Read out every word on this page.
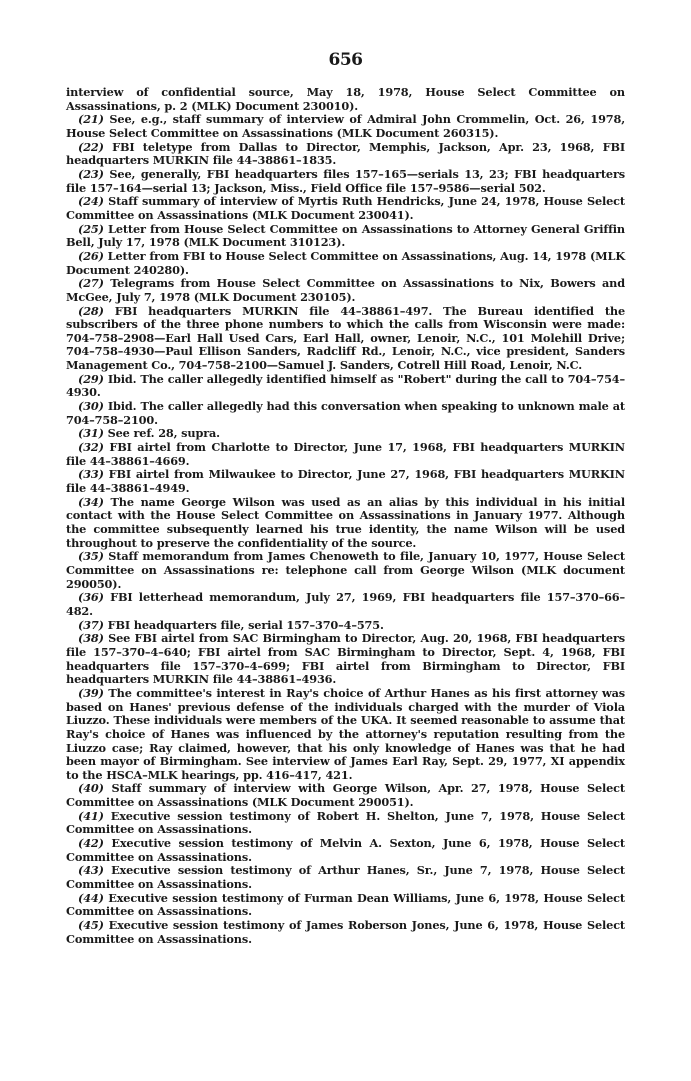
656

interview of confidential source, May 18, 1978, House Select Committee on Assassinations, p. 2 (MLK) Document 230010).

(21) See, e.g., staff summary of interview of Admiral John Crommelin, Oct. 26, 1978, House Select Committee on Assassinations (MLK Document 260315).

(22) FBI teletype from Dallas to Director, Memphis, Jackson, Apr. 23, 1968, FBI headquarters MURKIN file 44–38861–1835.

(23) See, generally, FBI headquarters files 157–165—serials 13, 23; FBI headquarters file 157–164—serial 13; Jackson, Miss., Field Office file 157–9586—serial 502.

(24) Staff summary of interview of Myrtis Ruth Hendricks, June 24, 1978, House Select Committee on Assassinations (MLK Document 230041).

(25) Letter from House Select Committee on Assassinations to Attorney General Griffin Bell, July 17, 1978 (MLK Document 310123).

(26) Letter from FBI to House Select Committee on Assassinations, Aug. 14, 1978 (MLK Document 240280).

(27) Telegrams from House Select Committee on Assassinations to Nix, Bowers and McGee, July 7, 1978 (MLK Document 230105).

(28) FBI headquarters MURKIN file 44–38861–497. The Bureau identified the subscribers of the three phone numbers to which the calls from Wisconsin were made: 704–758–2908—Earl Hall Used Cars, Earl Hall, owner, Lenoir, N.C., 101 Molehill Drive; 704–758–4930—Paul Ellison Sanders, Radcliff Rd., Lenoir, N.C., vice president, Sanders Management Co., 704–758–2100—Samuel J. Sanders, Cotrell Hill Road, Lenoir, N.C.

(29) Ibid. The caller allegedly identified himself as "Robert" during the call to 704–754–4930.

(30) Ibid. The caller allegedly had this conversation when speaking to unknown male at 704–758–2100.

(31) See ref. 28, supra.

(32) FBI airtel from Charlotte to Director, June 17, 1968, FBI headquarters MURKIN file 44–38861–4669.

(33) FBI airtel from Milwaukee to Director, June 27, 1968, FBI headquarters MURKIN file 44–38861–4949.

(34) The name George Wilson was used as an alias by this individual in his initial contact with the House Select Committee on Assassinations in January 1977. Although the committee subsequently learned his true identity, the name Wilson will be used throughout to preserve the confidentiality of the source.

(35) Staff memorandum from James Chenoweth to file, January 10, 1977, House Select Committee on Assassinations re: telephone call from George Wilson (MLK document 290050).

(36) FBI letterhead memorandum, July 27, 1969, FBI headquarters file 157–370–66–482.

(37) FBI headquarters file, serial 157–370–4–575.

(38) See FBI airtel from SAC Birmingham to Director, Aug. 20, 1968, FBI headquarters file 157–370–4–640; FBI airtel from SAC Birmingham to Director, Sept. 4, 1968, FBI headquarters file 157–370–4–699; FBI airtel from Birmingham to Director, FBI headquarters MURKIN file 44–38861–4936.

(39) The committee's interest in Ray's choice of Arthur Hanes as his first attorney was based on Hanes' previous defense of the individuals charged with the murder of Viola Liuzzo. These individuals were members of the UKA. It seemed reasonable to assume that Ray's choice of Hanes was influenced by the attorney's reputation resulting from the Liuzzo case; Ray claimed, however, that his only knowledge of Hanes was that he had been mayor of Birmingham. See interview of James Earl Ray, Sept. 29, 1977, XI appendix to the HSCA–MLK hearings, pp. 416–417, 421.

(40) Staff summary of interview with George Wilson, Apr. 27, 1978, House Select Committee on Assassinations (MLK Document 290051).

(41) Executive session testimony of Robert H. Shelton, June 7, 1978, House Select Committee on Assassinations.

(42) Executive session testimony of Melvin A. Sexton, June 6, 1978, House Select Committee on Assassinations.

(43) Executive session testimony of Arthur Hanes, Sr., June 7, 1978, House Select Committee on Assassinations.

(44) Executive session testimony of Furman Dean Williams, June 6, 1978, House Select Committee on Assassinations.

(45) Executive session testimony of James Roberson Jones, June 6, 1978, House Select Committee on Assassinations.
